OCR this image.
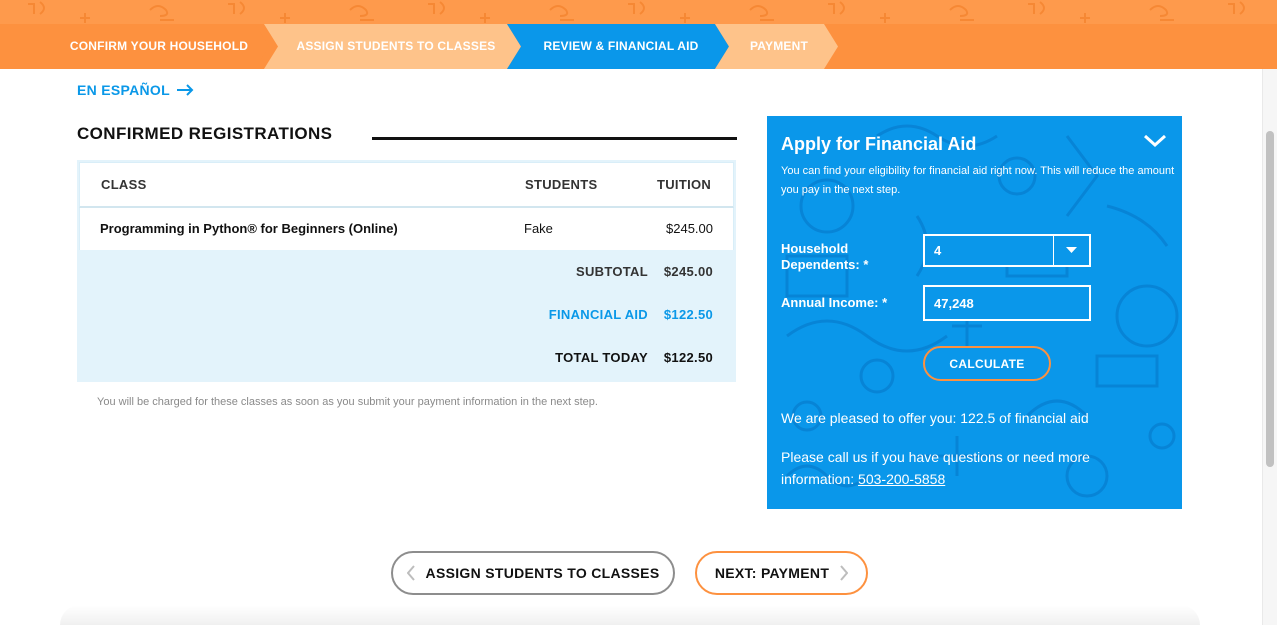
CONFIRM YOUR HOUSEHOLD	ASSIGN STUDENTS TO CLASSES	REVIEW & FINANCIAL AID	PAYMENT
EN ESPAÑOL
CONFIRMED REGISTRATIONS
CLASS	STUDENTS	TUITION
Programming in Python® for Beginners (Online)	Fake	$245.00
SUBTOTAL $245.00
FINANCIAL AID $122.50
TOTAL TODAY $122.50
You will be charged for these classes as soon as you submit your payment information in the next step.
Apply for Financial Aid
You can find your eligibility for financial aid right now. This will reduce the amount you pay in the next step.
Household
Dependents: *
4
Annual Income: *
47,248
CALCULATE
We are pleased to offer you: 122.5 of financial aid
Please call us if you have questions or need more information: 503-200-5858
ASSIGN STUDENTS TO CLASSES	NEXT: PAYMENT
